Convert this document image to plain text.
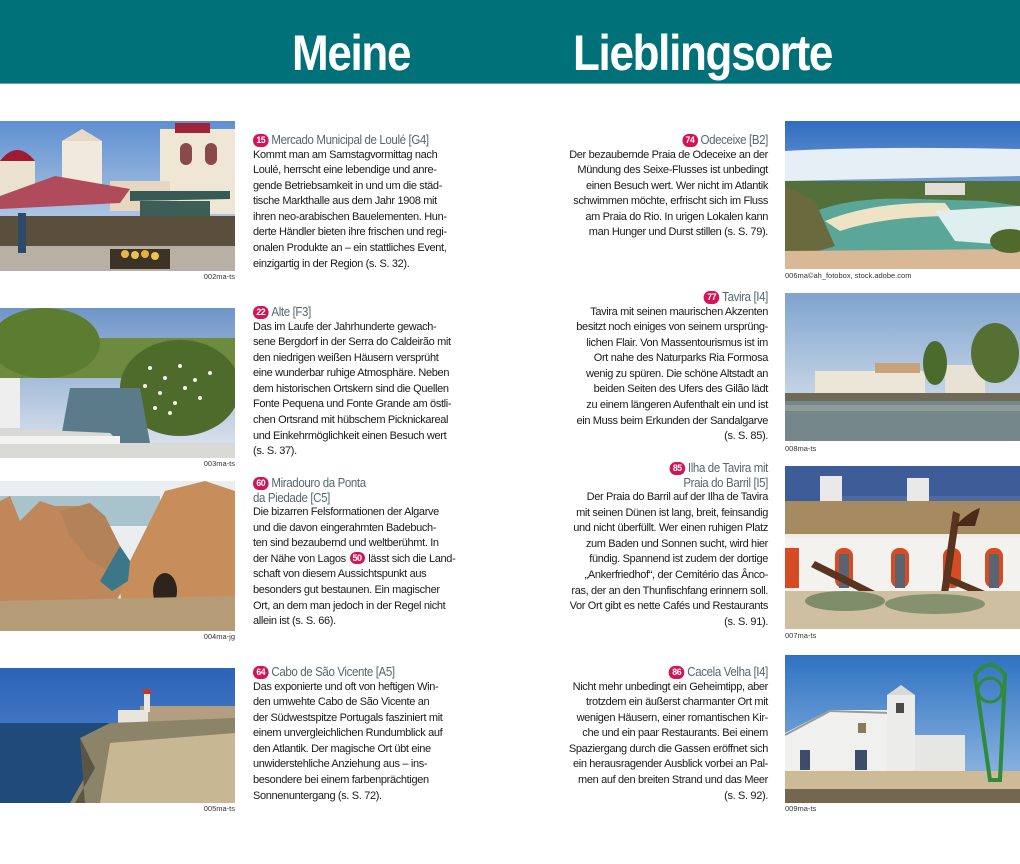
Meine	Lieblingsorte
002ma-ts
15 Mercado Municipal de Loulé [G4]
Kommt man am Samstagvormittag nach
Loulé, herrscht eine lebendige und anre-
gende Betriebsamkeit in und um die städ-
tische Markthalle aus dem Jahr 1908 mit
ihren neo-arabischen Bauelementen. Hun-
derte Händler bieten ihre frischen und regi-
onalen Produkte an – ein stattliches Event,
einzigartig in der Region (s. S. 32).
003ma-ts
22 Alte [F3]
Das im Laufe der Jahrhunderte gewach-
sene Bergdorf in der Serra do Caldeirão mit
den niedrigen weißen Häusern versprüht
eine wunderbar ruhige Atmosphäre. Neben
dem historischen Ortskern sind die Quellen
Fonte Pequena und Fonte Grande am östli-
chen Ortsrand mit hübschem Picknickareal
und Einkehrmöglichkeit einen Besuch wert
(s. S. 37).
004ma-jg
60 Miradouro da Ponta
da Piedade [C5]
Die bizarren Felsformationen der Algarve
und die davon eingerahmten Badebuch-
ten sind bezaubernd und weltberühmt. In
der Nähe von Lagos 50 lässt sich die Land-
schaft von diesem Aussichtspunkt aus
besonders gut bestaunen. Ein magischer
Ort, an dem man jedoch in der Regel nicht
allein ist (s. S. 66).
005ma-ts
64 Cabo de São Vicente [A5]
Das exponierte und oft von heftigen Win-
den umwehte Cabo de São Vicente an
der Südwestspitze Portugals fasziniert mit
einem unvergleichlichen Rundumblick auf
den Atlantik. Der magische Ort übt eine
unwiderstehliche Anziehung aus – ins-
besondere bei einem farbenprächtigen
Sonnenuntergang (s. S. 72).
74 Odeceixe [B2]
Der bezaubernde Praia de Odeceixe an der
Mündung des Seixe-Flusses ist unbedingt
einen Besuch wert. Wer nicht im Atlantik
schwimmen möchte, erfrischt sich im Fluss
am Praia do Rio. In urigen Lokalen kann
man Hunger und Durst stillen (s. S. 79).
006ma©ah_fotobox, stock.adobe.com
77 Tavira [I4]
Tavira mit seinen maurischen Akzenten
besitzt noch einiges von seinem ursprüng-
lichen Flair. Von Massentourismus ist im
Ort nahe des Naturparks Ria Formosa
wenig zu spüren. Die schöne Altstadt an
beiden Seiten des Ufers des Gilão lädt
zu einem längeren Aufenthalt ein und ist
ein Muss beim Erkunden der Sandalgarve
(s. S. 85).
008ma-ts
85 Ilha de Tavira mit
Praia do Barril [I5]
Der Praia do Barril auf der Ilha de Tavira
mit seinen Dünen ist lang, breit, feinsandig
und nicht überfüllt. Wer einen ruhigen Platz
zum Baden und Sonnen sucht, wird hier
fündig. Spannend ist zudem der dortige
„Ankerfriedhof“, der Cemitério das Ânco-
ras, der an den Thunfischfang erinnern soll.
Vor Ort gibt es nette Cafés und Restaurants
(s. S. 91).
007ma-ts
86 Cacela Velha [I4]
Nicht mehr unbedingt ein Geheimtipp, aber
trotzdem ein äußerst charmanter Ort mit
wenigen Häusern, einer romantischen Kir-
che und ein paar Restaurants. Bei einem
Spaziergang durch die Gassen eröffnet sich
ein herausragender Ausblick vorbei an Pal-
men auf den breiten Strand und das Meer
(s. S. 92).
009ma-ts
